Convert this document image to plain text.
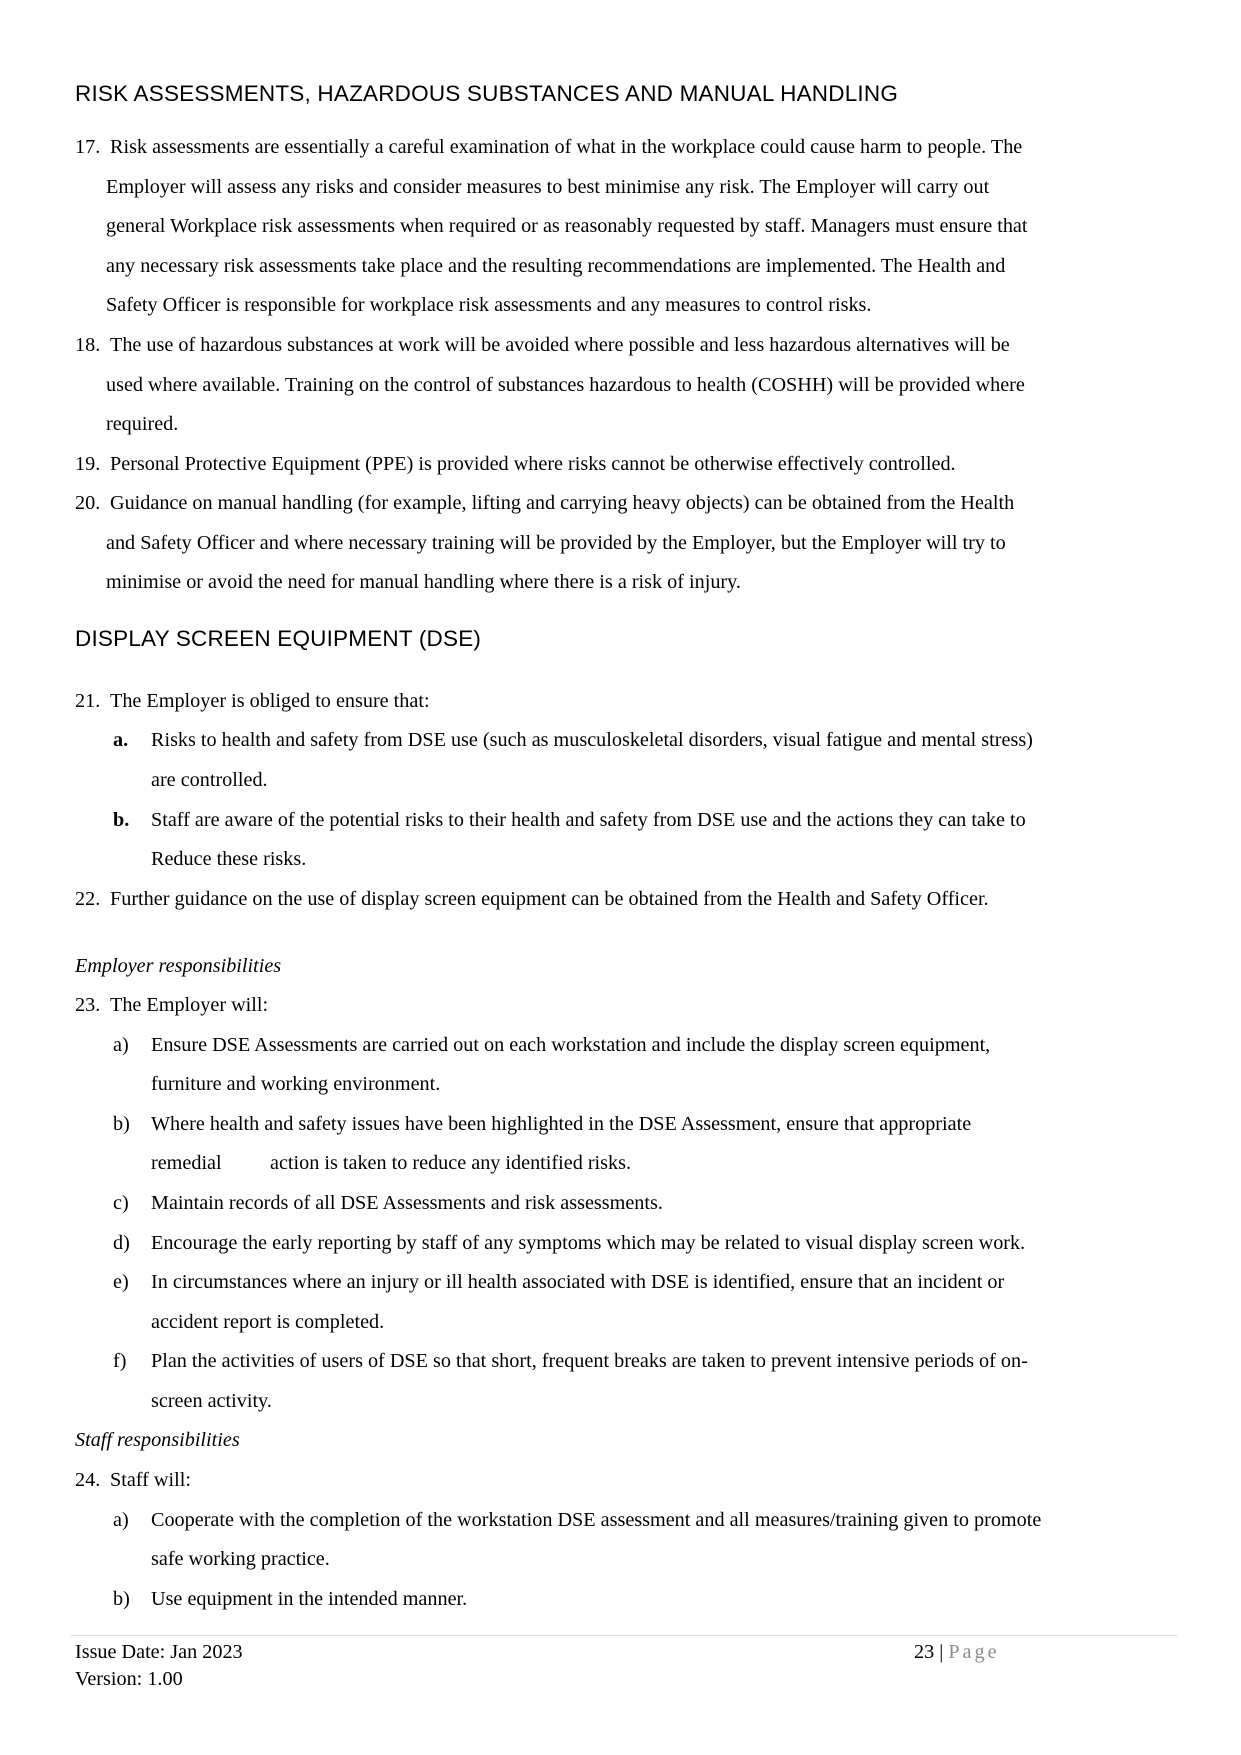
RISK ASSESSMENTS, HAZARDOUS SUBSTANCES AND MANUAL HANDLING
17. Risk assessments are essentially a careful examination of what in the workplace could cause harm to people. The
Employer will assess any risks and consider measures to best minimise any risk. The Employer will carry out
general Workplace risk assessments when required or as reasonably requested by staff. Managers must ensure that
any necessary risk assessments take place and the resulting recommendations are implemented. The Health and
Safety Officer is responsible for workplace risk assessments and any measures to control risks.
18. The use of hazardous substances at work will be avoided where possible and less hazardous alternatives will be
used where available. Training on the control of substances hazardous to health (COSHH) will be provided where
required.
19. Personal Protective Equipment (PPE) is provided where risks cannot be otherwise effectively controlled.
20. Guidance on manual handling (for example, lifting and carrying heavy objects) can be obtained from the Health
and Safety Officer and where necessary training will be provided by the Employer, but the Employer will try to
minimise or avoid the need for manual handling where there is a risk of injury.
DISPLAY SCREEN EQUIPMENT (DSE)
21. The Employer is obliged to ensure that:
a. Risks to health and safety from DSE use (such as musculoskeletal disorders, visual fatigue and mental stress)
are controlled.
b. Staff are aware of the potential risks to their health and safety from DSE use and the actions they can take to
Reduce these risks.
22. Further guidance on the use of display screen equipment can be obtained from the Health and Safety Officer.
Employer responsibilities
23. The Employer will:
a) Ensure DSE Assessments are carried out on each workstation and include the display screen equipment,
furniture and working environment.
b) Where health and safety issues have been highlighted in the DSE Assessment, ensure that appropriate
remedial action is taken to reduce any identified risks.
c) Maintain records of all DSE Assessments and risk assessments.
d) Encourage the early reporting by staff of any symptoms which may be related to visual display screen work.
e) In circumstances where an injury or ill health associated with DSE is identified, ensure that an incident or
accident report is completed.
f) Plan the activities of users of DSE so that short, frequent breaks are taken to prevent intensive periods of on-
screen activity.
Staff responsibilities
24. Staff will:
a) Cooperate with the completion of the workstation DSE assessment and all measures/training given to promote
safe working practice.
b) Use equipment in the intended manner.
Issue Date: Jan 2023
Version: 1.00
23 | Page
